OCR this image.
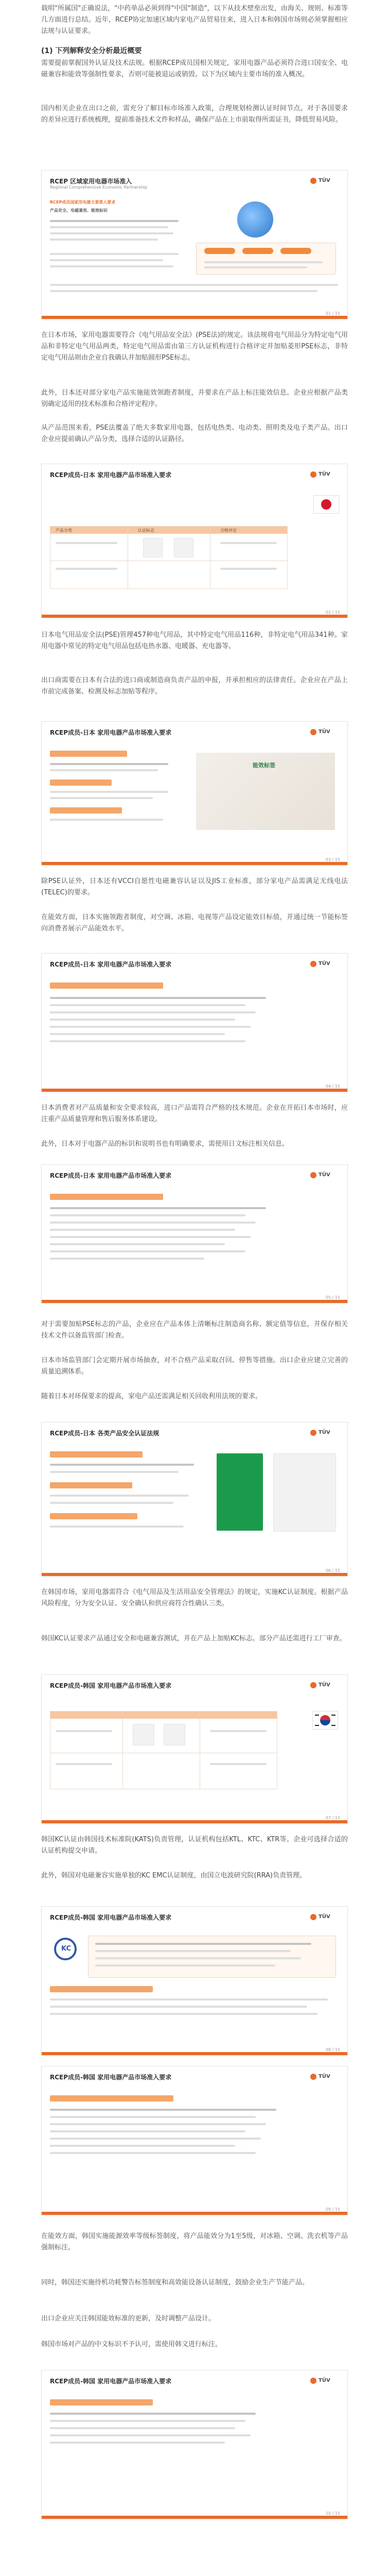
载明"所属国"正确说法，"中药单品必须到得"中国"制造"，以下从技术壁垒出发，由海关、规则、标准等几方面进行总结。近年，RCEP协定加速区域内家电产品贸易往来，进入日本和韩国市场则必须掌握相应法规与认证要求。

(1) 下列解释安全分析最近概要

需要提前掌握国外认证及技术法规。根据RCEP成员国相关规定，家用电器产品必须符合进口国安全、电磁兼容和能效等强制性要求，否则可能被退运或销毁。以下为区域内主要市场的准入概况。

国内相关企业在出口之前，需充分了解目标市场准入政策，合理规划检测认证时间节点。对于各国要求的差异应进行系统梳理，提前准备技术文件和样品，确保产品在上市前取得所需证书，降低贸易风险。

RCEP 区域家用电器市场准入
Regional Comprehensive Economic Partnership
TÜV
RCEP成员国家用电器主要准入要求
产品安全、电磁兼容、能效标识
01 / 15

在日本市场，家用电器需要符合《电气用品安全法》(PSE法)的规定。该法规将电气用品分为特定电气用品和非特定电气用品两类，特定电气用品需由第三方认证机构进行合格评定并加贴菱形PSE标志，非特定电气用品则由企业自我确认并加贴圆形PSE标志。

此外，日本还对部分家电产品实施能效领跑者制度，并要求在产品上标注能效信息。企业应根据产品类别确定适用的技术标准和合格评定程序。

从产品范围来看，PSE法覆盖了绝大多数家用电器，包括电热类、电动类、照明类及电子类产品。出口企业应提前确认产品分类，选择合适的认证路径。

RCEP成员-日本 家用电器产品市场准入要求	TÜV
产品分类	认证标志	合格评定
02 / 15

日本电气用品安全法(PSE)管理457种电气用品，其中特定电气用品116种，非特定电气用品341种。家用电器中常见的特定电气用品包括电热水器、电暖器、充电器等。

出口商需要在日本有合法的进口商或制造商负责产品的申报，并承担相应的法律责任。企业应在产品上市前完成备案、检测及标志加贴等程序。

RCEP成员-日本 家用电器产品市场准入要求	TÜV
能效标签
03 / 15

除PSE认证外，日本还有VCCI自愿性电磁兼容认证以及JIS工业标准，部分家电产品需满足无线电法(TELEC)的要求。

在能效方面，日本实施领跑者制度，对空调、冰箱、电视等产品设定能效目标值，并通过统一节能标签向消费者展示产品能效水平。

RCEP成员-日本 家用电器产品市场准入要求	TÜV
04 / 15

日本消费者对产品质量和安全要求较高，进口产品需符合严格的技术规范。企业在开拓日本市场时，应注重产品质量管理和售后服务体系建设。

此外，日本对于电器产品的标识和说明书也有明确要求，需使用日文标注相关信息。

RCEP成员-日本 家用电器产品市场准入要求	TÜV
05 / 15

对于需要加贴PSE标志的产品，企业应在产品本体上清晰标注制造商名称、额定值等信息，并保存相关技术文件以备监管部门检查。

日本市场监管部门会定期开展市场抽查，对不合格产品采取召回、停售等措施。出口企业应建立完善的质量追溯体系。

随着日本对环保要求的提高，家电产品还需满足相关回收利用法规的要求。

RCEP成员-日本 各类产品安全认证法规	TÜV
06 / 15

在韩国市场，家用电器需符合《电气用品及生活用品安全管理法》的规定，实施KC认证制度。根据产品风险程度，分为安全认证、安全确认和供应商符合性确认三类。

韩国KC认证要求产品通过安全和电磁兼容测试，并在产品上加贴KC标志。部分产品还需进行工厂审查。

RCEP成员-韩国 家用电器产品市场准入要求	TÜV
07 / 15

韩国KC认证由韩国技术标准院(KATS)负责管理，认证机构包括KTL、KTC、KTR等。企业可选择合适的认证机构提交申请。

此外，韩国对电磁兼容实施单独的KC EMC认证制度，由国立电波研究院(RRA)负责管理。

RCEP成员-韩国 家用电器产品市场准入要求	TÜV
KC
08 / 15
RCEP成员-韩国 家用电器产品市场准入要求	TÜV
09 / 15

在能效方面，韩国实施能源效率等级标签制度，将产品能效分为1至5级，对冰箱、空调、洗衣机等产品强制标注。

同时，韩国还实施待机功耗警告标签制度和高效能设备认证制度，鼓励企业生产节能产品。

出口企业应关注韩国能效标准的更新，及时调整产品设计。

韩国市场对产品的中文标识不予认可，需使用韩文进行标注。

RCEP成员-韩国 家用电器产品市场准入要求	TÜV
10 / 15
